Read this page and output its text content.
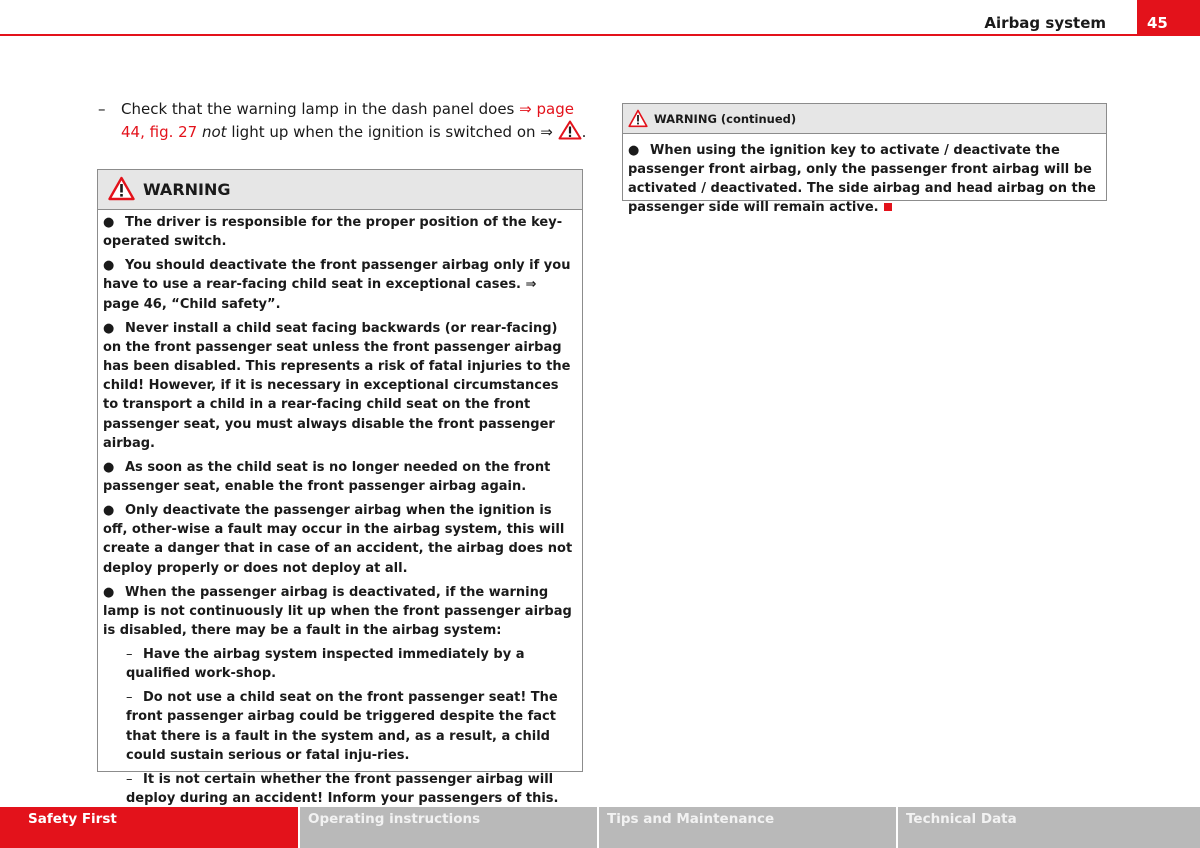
Airbag system	45
–	Check that the warning lamp in the dash panel does ⇒ page 44, fig. 27 not light up when the ignition is switched on ⇒ .
WARNING

● The driver is responsible for the proper position of the key-operated switch.

● You should deactivate the front passenger airbag only if you have to use a rear-facing child seat in exceptional cases. ⇒ page 46, “Child safety”.

● Never install a child seat facing backwards (or rear-facing) on the front passenger seat unless the front passenger airbag has been disabled. This represents a risk of fatal injuries to the child! However, if it is necessary in exceptional circumstances to transport a child in a rear-facing child seat on the front passenger seat, you must always disable the front passenger airbag.

● As soon as the child seat is no longer needed on the front passenger seat, enable the front passenger airbag again.

● Only deactivate the passenger airbag when the ignition is off, other-wise a fault may occur in the airbag system, this will create a danger that in case of an accident, the airbag does not deploy properly or does not deploy at all.

● When the passenger airbag is deactivated, if the warning lamp is not continuously lit up when the front passenger airbag is disabled, there may be a fault in the airbag system:

– Have the airbag system inspected immediately by a qualified work-shop.

– Do not use a child seat on the front passenger seat! The front passenger airbag could be triggered despite the fact that there is a fault in the system and, as a result, a child could sustain serious or fatal inju-ries.

– It is not certain whether the front passenger airbag will deploy during an accident! Inform your passengers of this.

WARNING (continued)

● When using the ignition key to activate / deactivate the passenger front airbag, only the passenger front airbag will be activated / deactivated. The side airbag and head airbag on the passenger side will remain active.

Safety First	Operating instructions	Tips and Maintenance	Technical Data
